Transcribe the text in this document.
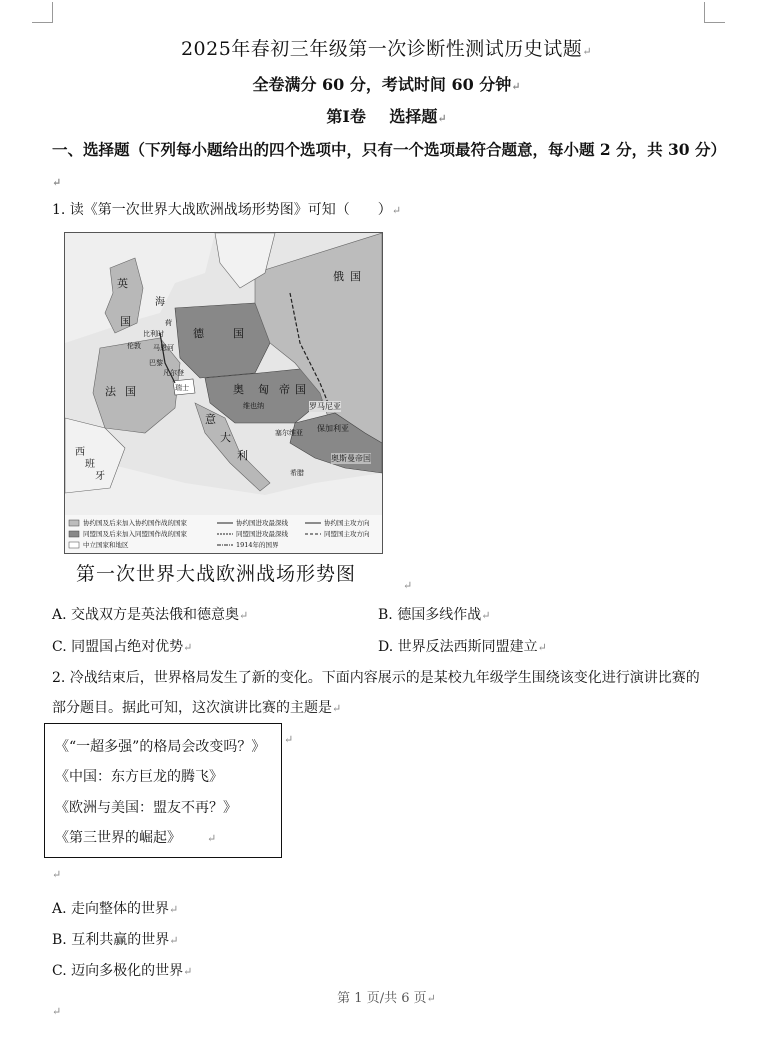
2025年春初三年级第一次诊断性测试历史试题↵
全卷满分 60 分，考试时间 60 分钟↵
第Ⅰ卷 选择题↵
一、选择题（下列每小题给出的四个选项中，只有一个选项最符合题意，每小题 2 分，共 30 分）↵
1. 读《第一次世界大战欧洲战场形势图》可知（　　）↵
英
国
法 国
德	国
奥 匈 帝 国
俄 国
西
班
牙
意
大
利
海
罗马尼亚
保加利亚
奥斯曼帝国
巴黎
维也纳
伦敦 马恩河
凡尔登
塞尔维亚
希腊
瑞士
荷
比利时
协约国及后来加入协约国作战的国家
同盟国及后来加入同盟国作战的国家
中立国家和地区
协约国进攻最深线
同盟国进攻最深线
1914年的国界
协约国主攻方向
同盟国主攻方向
第一次世界大战欧洲战场形势图
↵
A. 交战双方是英法俄和德意奥↵	B. 德国多线作战↵
C. 同盟国占绝对优势↵	D. 世界反法西斯同盟建立↵
2. 冷战结束后，世界格局发生了新的变化。下面内容展示的是某校九年级学生围绕该变化进行演讲比赛的
部分题目。据此可知，这次演讲比赛的主题是↵
《“一超多强”的格局会改变吗？》
《中国：东方巨龙的腾飞》
《欧洲与美国：盟友不再？》
《第三世界的崛起》 ↵
↵
↵
A. 走向整体的世界↵
B. 互利共赢的世界↵
C. 迈向多极化的世界↵
第 1 页/共 6 页↵
↵
